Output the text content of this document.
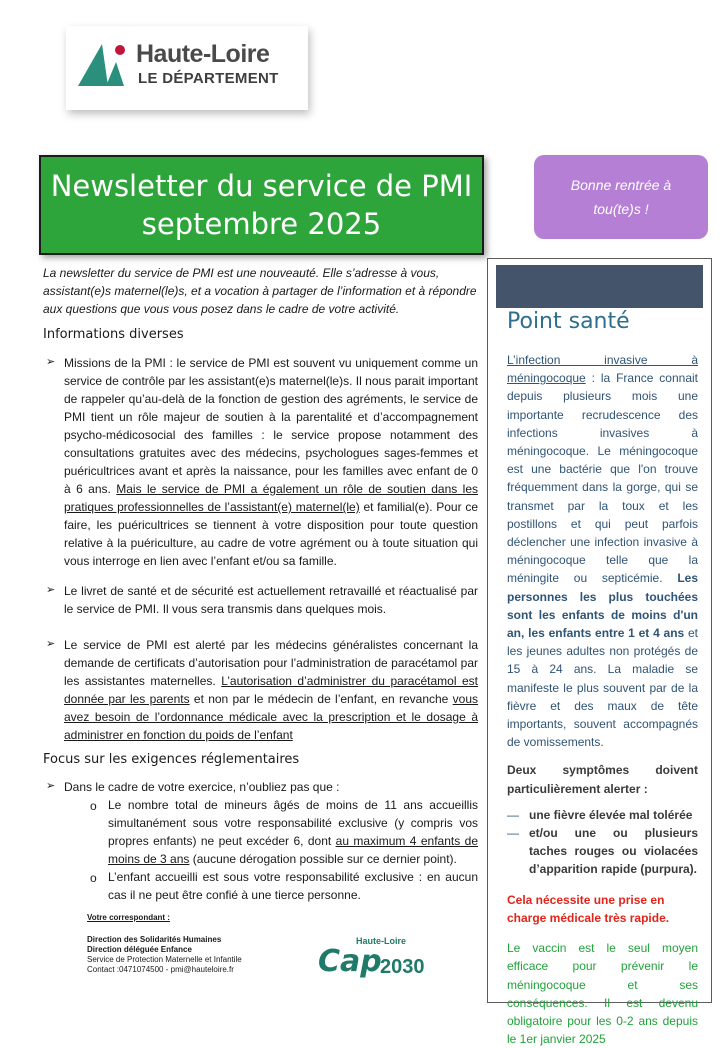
Haute-Loire
LE DÉPARTEMENT
Newsletter du service de PMI
septembre 2025
Bonne rentrée à
tou(te)s !
La newsletter du service de PMI est une nouveauté. Elle s’adresse à vous, assistant(e)s maternel(le)s, et a vocation à partager de l’information et à répondre aux questions que vous vous posez dans le cadre de votre activité.
Informations diverses
➢ Missions de la PMI : le service de PMI est souvent vu uniquement comme un service de contrôle par les assistant(e)s maternel(le)s. Il nous parait important de rappeler qu’au-delà de la fonction de gestion des agréments, le service de PMI tient un rôle majeur de soutien à la parentalité et d’accompagnement psycho-médicosocial des familles : le service propose notamment des consultations gratuites avec des médecins, psychologues sages-femmes et puéricultrices avant et après la naissance, pour les familles avec enfant de 0 à 6 ans. Mais le service de PMI a également un rôle de soutien dans les pratiques professionnelles de l’assistant(e) maternel(le) et familial(e). Pour ce faire, les puéricultrices se tiennent à votre disposition pour toute question relative à la puériculture, au cadre de votre agrément ou à toute situation qui vous interroge en lien avec l’enfant et/ou sa famille.
➢ Le livret de santé et de sécurité est actuellement retravaillé et réactualisé par le service de PMI. Il vous sera transmis dans quelques mois.
➢ Le service de PMI est alerté par les médecins généralistes concernant la demande de certificats d’autorisation pour l’administration de paracétamol par les assistantes maternelles. L’autorisation d’administrer du paracétamol est donnée par les parents et non par le médecin de l’enfant, en revanche vous avez besoin de l’ordonnance médicale avec la prescription et le dosage à administrer en fonction du poids de l’enfant
Focus sur les exigences réglementaires
➢ Dans le cadre de votre exercice, n’oubliez pas que :
o Le nombre total de mineurs âgés de moins de 11 ans accueillis simultanément sous votre responsabilité exclusive (y compris vos propres enfants) ne peut excéder 6, dont au maximum 4 enfants de moins de 3 ans (aucune dérogation possible sur ce dernier point).
o L’enfant accueilli est sous votre responsabilité exclusive : en aucun cas il ne peut être confié à une tierce personne.
Point santé
L’infection invasive à méningocoque : la France connait depuis plusieurs mois une importante recrudescence des infections invasives à méningocoque. Le méningocoque est une bactérie que l'on trouve fréquemment dans la gorge, qui se transmet par la toux et les postillons et qui peut parfois déclencher une infection invasive à méningocoque telle que la méningite ou septicémie. Les personnes les plus touchées sont les enfants de moins d'un an, les enfants entre 1 et 4 ans et les jeunes adultes non protégés de 15 à 24 ans. La maladie se manifeste le plus souvent par de la fièvre et des maux de tête importants, souvent accompagnés de vomissements.
Deux symptômes doivent particulièrement alerter :
— une fièvre élevée mal tolérée
— et/ou une ou plusieurs taches rouges ou violacées d’apparition rapide (purpura).
Cela nécessite une prise en charge médicale très rapide.
Le vaccin est le seul moyen efficace pour prévenir le méningocoque et ses conséquences. Il est devenu obligatoire pour les 0-2 ans depuis le 1er janvier 2025
Votre correspondant :
Direction des Solidarités Humaines
Direction déléguée Enfance
Service de Protection Maternelle et Infantile
Contact :0471074500 - pmi@hauteloire.fr
Haute-Loire
Cap
2030
